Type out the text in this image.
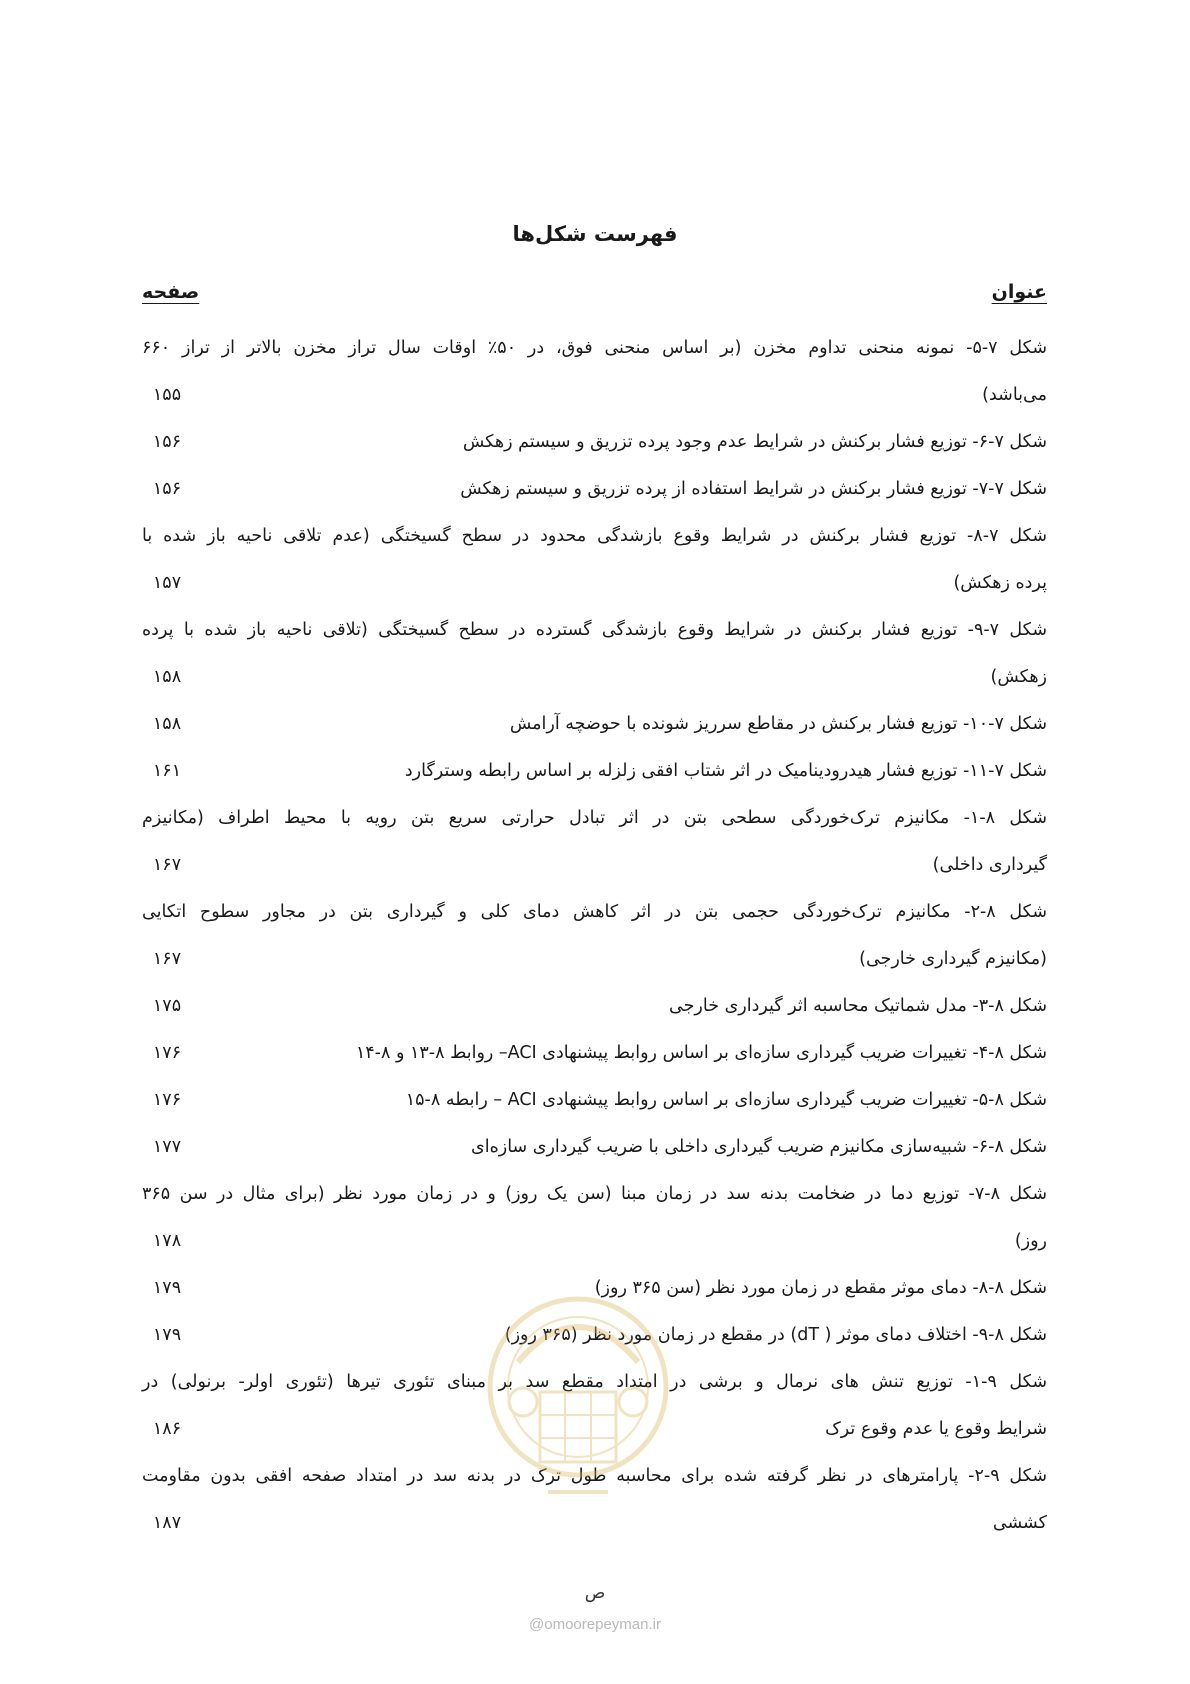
فهرست شکل‌ها
عنوان
صفحه
شکل ۷-۵- نمونه منحنی تداوم مخزن (بر اساس منحنی فوق، در ۵۰٪ اوقات سال تراز مخزن بالاتر از تراز ۶۶۰
می‌باشد)
۱۵۵
شکل ۷-۶- توزیع فشار برکنش در شرایط عدم وجود پرده تزریق و سیستم زهکش
۱۵۶
شکل ۷-۷- توزیع فشار برکنش در شرایط استفاده از پرده تزریق و سیستم زهکش
۱۵۶
شکل ۷-۸- توزیع فشار برکنش در شرایط وقوع بازشدگی محدود در سطح گسیختگی (عدم تلاقی ناحیه باز شده با
پرده زهکش)
۱۵۷
شکل ۷-۹- توزیع فشار برکنش در شرایط وقوع بازشدگی گسترده در سطح گسیختگی (تلاقی ناحیه باز شده با پرده
زهکش)
۱۵۸
شکل ۷-۱۰- توزیع فشار برکنش در مقاطع سرریز شونده با حوضچه آرامش
۱۵۸
شکل ۷-۱۱- توزیع فشار هیدرودینامیک در اثر شتاب افقی زلزله بر اساس رابطه وسترگارد
۱۶۱
شکل ۸-۱- مکانیزم ترک‌خوردگی سطحی بتن در اثر تبادل حرارتی سریع بتن رویه با محیط اطراف (مکانیزم
گیرداری داخلی)
۱۶۷
شکل ۸-۲- مکانیزم ترک‌خوردگی حجمی بتن در اثر کاهش دمای کلی و گیرداری بتن در مجاور سطوح اتکایی
(مکانیزم گیرداری خارجی)
۱۶۷
شکل ۸-۳- مدل شماتیک محاسبه اثر گیرداری خارجی
۱۷۵
شکل ۸-۴- تغییرات ضریب گیرداری سازه‌ای بر اساس روابط پیشنهادی ACI– روابط ۸-۱۳ و ۸-۱۴
۱۷۶
شکل ۸-۵- تغییرات ضریب گیرداری سازه‌ای بر اساس روابط پیشنهادی ACI – رابطه ۸-۱۵
۱۷۶
شکل ۸-۶- شبیه‌سازی مکانیزم ضریب گیرداری داخلی با ضریب گیرداری سازه‌ای
۱۷۷
شکل ۸-۷- توزیع دما در ضخامت بدنه سد در زمان مبنا (سن یک روز) و در زمان مورد نظر (برای مثال در سن ۳۶۵
روز)
۱۷۸
شکل ۸-۸- دمای موثر مقطع در زمان مورد نظر (سن ۳۶۵ روز)
۱۷۹
شکل ۸-۹- اختلاف دمای موثر ( dT) در مقطع در زمان مورد نظر (۳۶۵ روز)
۱۷۹
شکل ۹-۱- توزیع تنش های نرمال و برشی در امتداد مقطع سد بر مبنای تئوری تیرها (تئوری اولر- برنولی) در
شرایط وقوع یا عدم وقوع ترک
۱۸۶
شکل ۹-۲- پارامترهای در نظر گرفته شده برای محاسبه طول ترک در بدنه سد در امتداد صفحه افقی بدون مقاومت
کششی
۱۸۷
ص
@omoorepeyman.ir
